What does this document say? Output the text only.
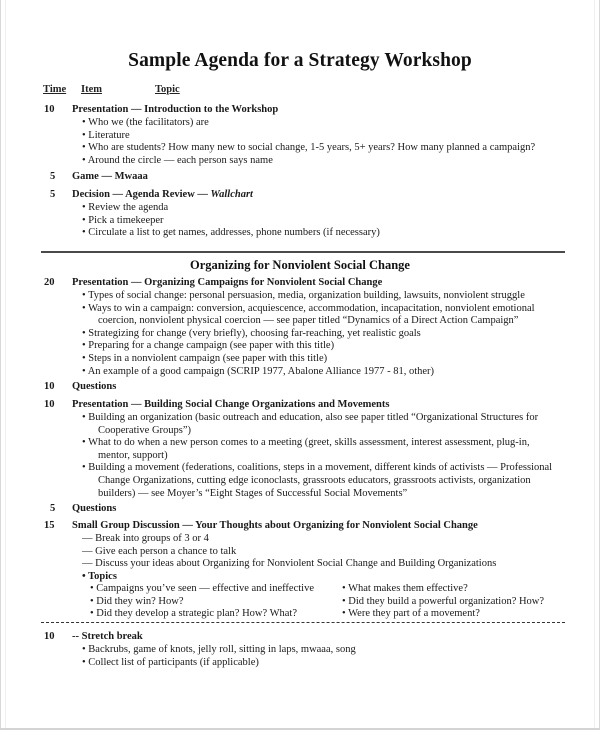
Sample Agenda for a Strategy Workshop
Time Item	Topic
10	Presentation — Introduction to the Workshop
• Who we (the facilitators) are
• Literature
• Who are students? How many new to social change, 1-5 years, 5+ years? How many planned a campaign?
• Around the circle — each person says name
5	Game — Mwaaa
5	Decision — Agenda Review — Wallchart
• Review the agenda
• Pick a timekeeper
• Circulate a list to get names, addresses, phone numbers (if necessary)
Organizing for Nonviolent Social Change
20	Presentation — Organizing Campaigns for Nonviolent Social Change
• Types of social change: personal persuasion, media, organization building, lawsuits, nonviolent struggle
• Ways to win a campaign: conversion, acquiescence, accommodation, incapacitation, nonviolent emotional
coercion, nonviolent physical coercion — see paper titled “Dynamics of a Direct Action Campaign”
• Strategizing for change (very briefly), choosing far-reaching, yet realistic goals
• Preparing for a change campaign (see paper with this title)
• Steps in a nonviolent campaign (see paper with this title)
• An example of a good campaign (SCRIP 1977, Abalone Alliance 1977 - 81, other)
10	Questions
10	Presentation — Building Social Change Organizations and Movements
• Building an organization (basic outreach and education, also see paper titled “Organizational Structures for
Cooperative Groups”)
• What to do when a new person comes to a meeting (greet, skills assessment, interest assessment, plug-in,
mentor, support)
• Building a movement (federations, coalitions, steps in a movement, different kinds of activists — Professional
Change Organizations, cutting edge iconoclasts, grassroots educators, grassroots activists, organization
builders) — see Moyer’s “Eight Stages of Successful Social Movements”
5	Questions
15	Small Group Discussion — Your Thoughts about Organizing for Nonviolent Social Change
— Break into groups of 3 or 4
— Give each person a chance to talk
— Discuss your ideas about Organizing for Nonviolent Social Change and Building Organizations
• Topics
• Campaigns you’ve seen — effective and ineffective	• What makes them effective?
• Did they win? How?	• Did they build a powerful organization? How?
• Did they develop a strategic plan? How? What?	• Were they part of a movement?
10	-- Stretch break
• Backrubs, game of knots, jelly roll, sitting in laps, mwaaa, song
• Collect list of participants (if applicable)
